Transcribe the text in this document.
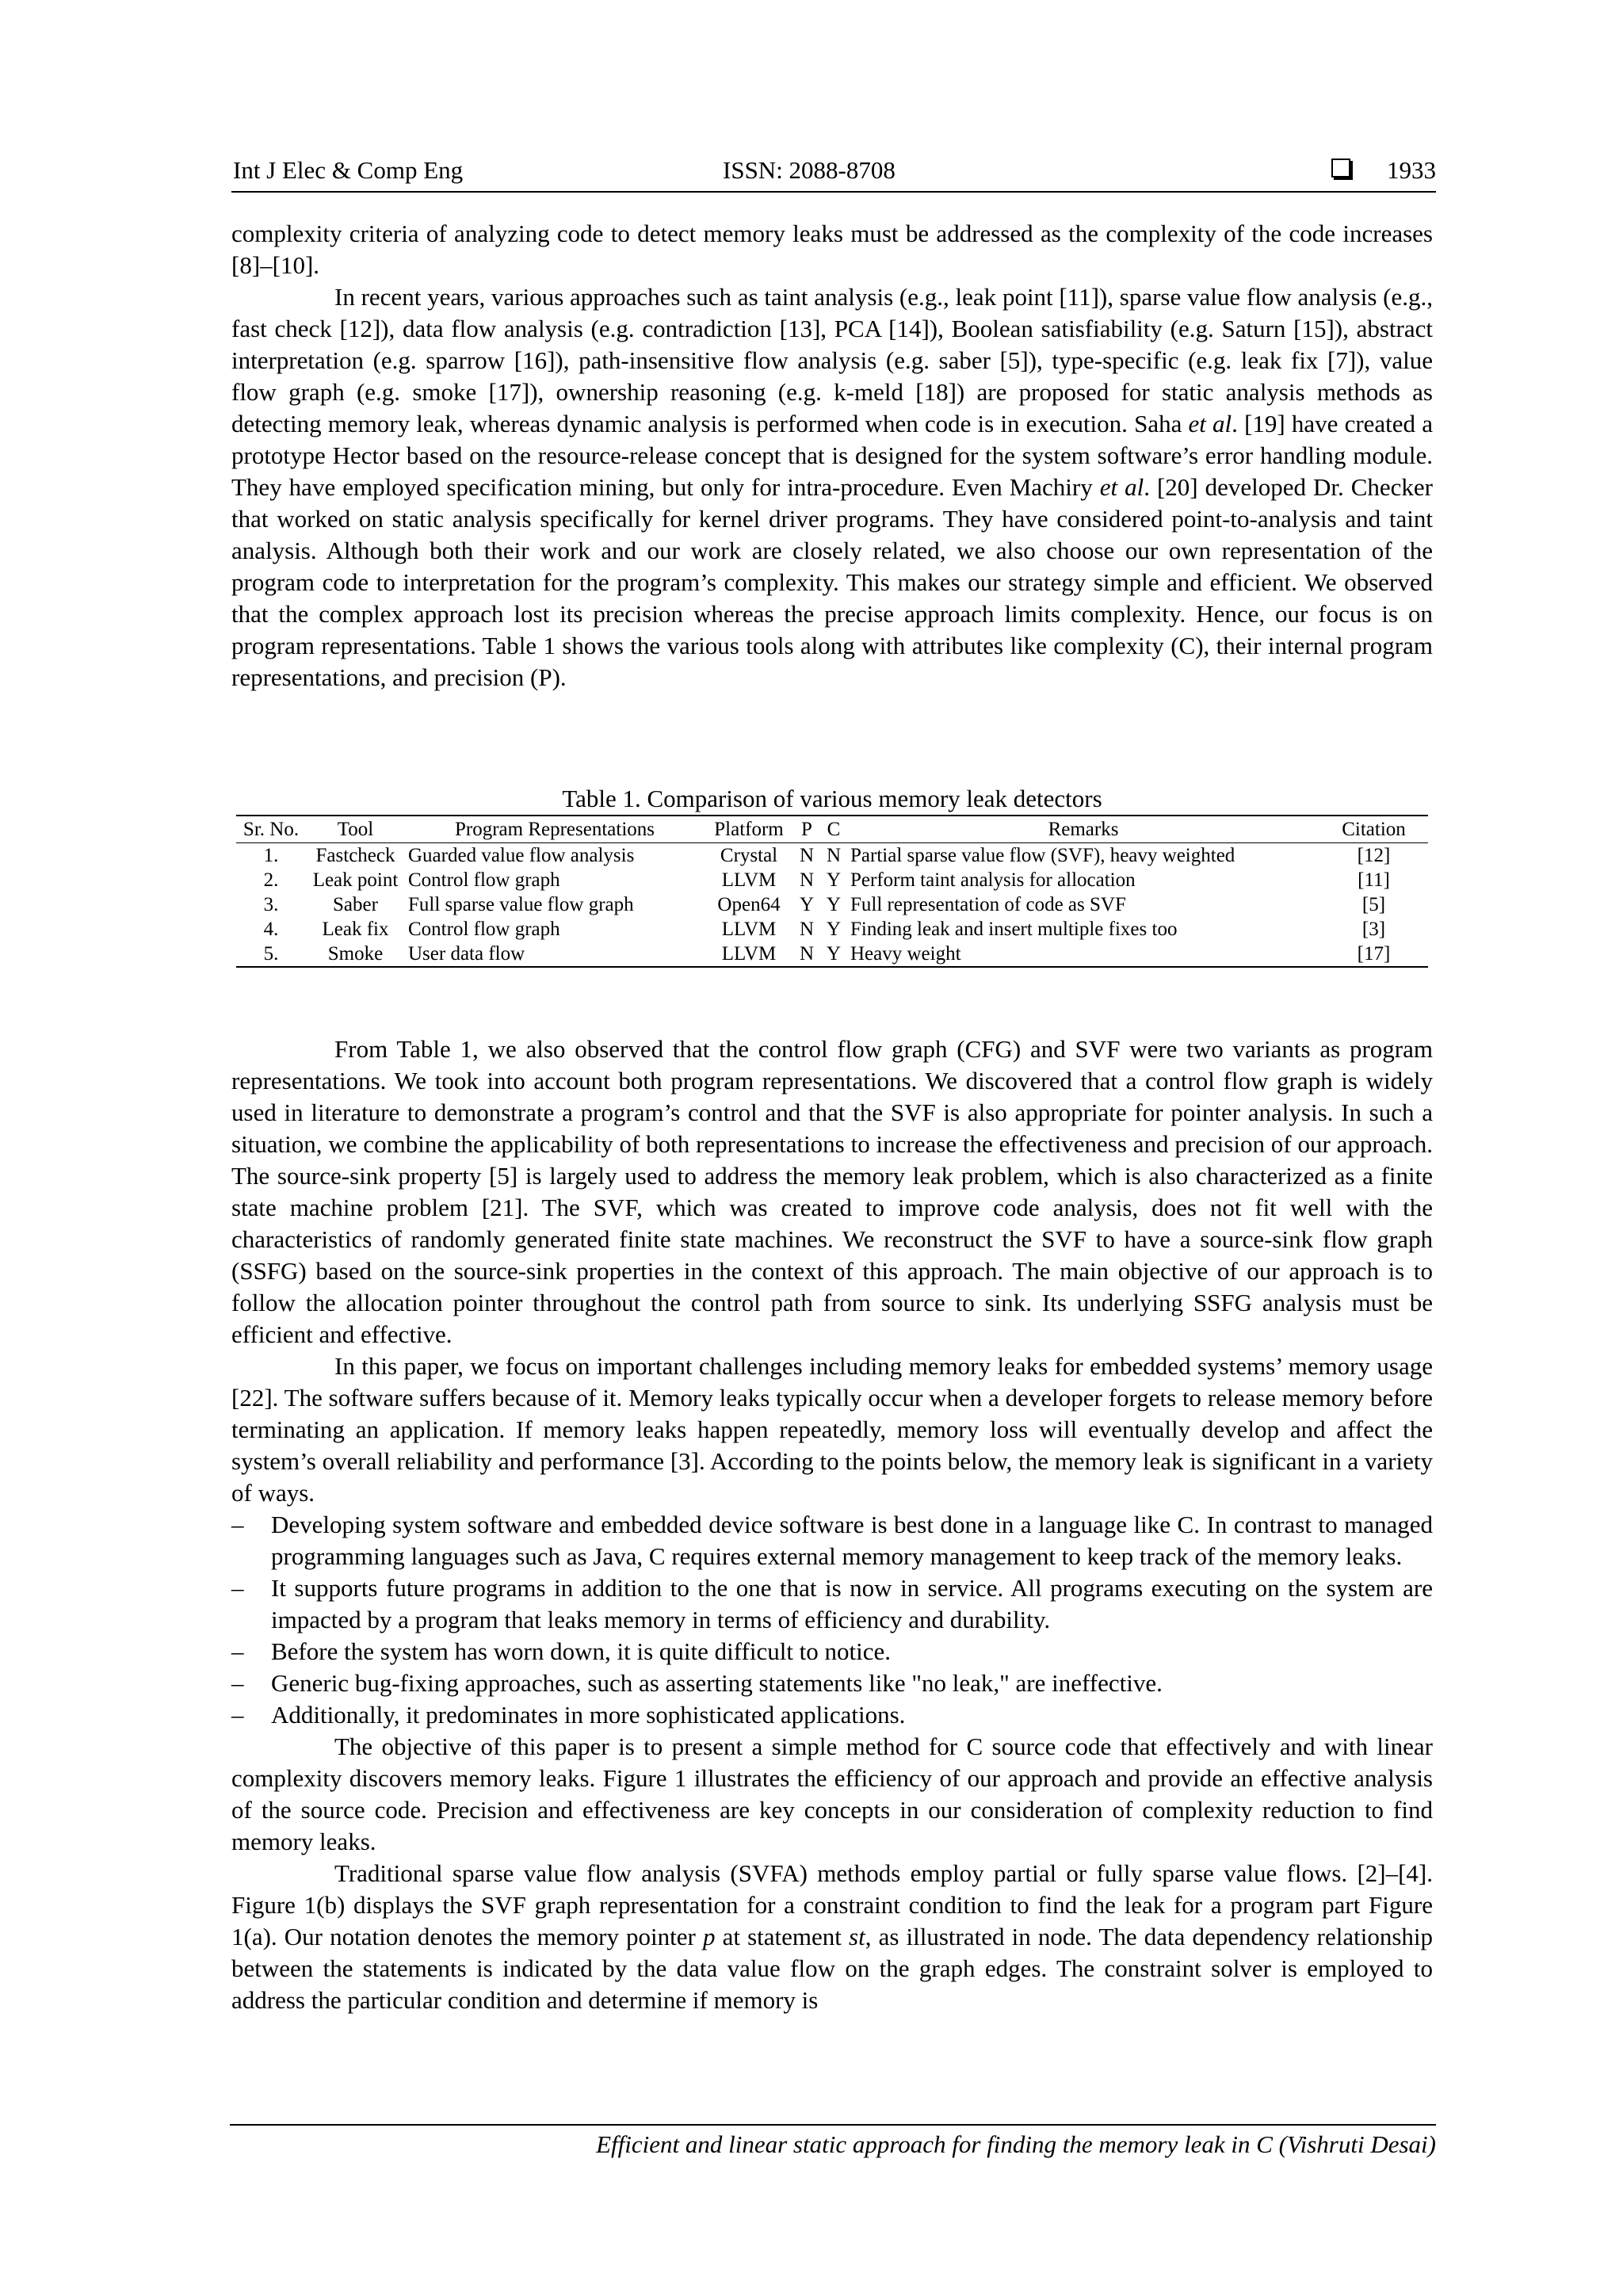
Int J Elec & Comp Eng	ISSN: 2088-8708	1933

complexity criteria of analyzing code to detect memory leaks must be addressed as the complexity of the code increases [8]–[10].

In recent years, various approaches such as taint analysis (e.g., leak point [11]), sparse value flow analysis (e.g., fast check [12]), data flow analysis (e.g. contradiction [13], PCA [14]), Boolean satisfiability (e.g. Saturn [15]), abstract interpretation (e.g. sparrow [16]), path-insensitive flow analysis (e.g. saber [5]), type-specific (e.g. leak fix [7]), value flow graph (e.g. smoke [17]), ownership reasoning (e.g. k-meld [18]) are proposed for static analysis methods as detecting memory leak, whereas dynamic analysis is performed when code is in execution. Saha et al. [19] have created a prototype Hector based on the resource-release concept that is designed for the system software’s error handling module. They have employed specification mining, but only for intra-procedure. Even Machiry et al. [20] developed Dr. Checker that worked on static analysis specifically for kernel driver programs. They have considered point-to-analysis and taint analysis. Although both their work and our work are closely related, we also choose our own representation of the program code to interpretation for the program’s complexity. This makes our strategy simple and efficient. We observed that the complex approach lost its precision whereas the precise approach limits complexity. Hence, our focus is on program representations. Table 1 shows the various tools along with attributes like complexity (C), their internal program representations, and precision (P).

Table 1. Comparison of various memory leak detectors
Sr. No.	Tool	Program Representations	Platform	P	C	Remarks	Citation
1.	Fastcheck	Guarded value flow analysis	Crystal	N	N	Partial sparse value flow (SVF), heavy weighted	[12]
2.	Leak point	Control flow graph	LLVM	N	Y	Perform taint analysis for allocation	[11]
3.	Saber	Full sparse value flow graph	Open64	Y	Y	Full representation of code as SVF	[5]
4.	Leak fix	Control flow graph	LLVM	N	Y	Finding leak and insert multiple fixes too	[3]
5.	Smoke	User data flow	LLVM	N	Y	Heavy weight	[17]

From Table 1, we also observed that the control flow graph (CFG) and SVF were two variants as program representations. We took into account both program representations. We discovered that a control flow graph is widely used in literature to demonstrate a program’s control and that the SVF is also appropriate for pointer analysis. In such a situation, we combine the applicability of both representations to increase the effectiveness and precision of our approach. The source-sink property [5] is largely used to address the memory leak problem, which is also characterized as a finite state machine problem [21]. The SVF, which was created to improve code analysis, does not fit well with the characteristics of randomly generated finite state machines. We reconstruct the SVF to have a source-sink flow graph (SSFG) based on the source-sink properties in the context of this approach. The main objective of our approach is to follow the allocation pointer throughout the control path from source to sink. Its underlying SSFG analysis must be efficient and effective.

In this paper, we focus on important challenges including memory leaks for embedded systems’ memory usage [22]. The software suffers because of it. Memory leaks typically occur when a developer forgets to release memory before terminating an application. If memory leaks happen repeatedly, memory loss will eventually develop and affect the system’s overall reliability and performance [3]. According to the points below, the memory leak is significant in a variety of ways.

– Developing system software and embedded device software is best done in a language like C. In contrast to managed programming languages such as Java, C requires external memory management to keep track of the memory leaks.
– It supports future programs in addition to the one that is now in service. All programs executing on the system are impacted by a program that leaks memory in terms of efficiency and durability.
– Before the system has worn down, it is quite difficult to notice.
– Generic bug-fixing approaches, such as asserting statements like "no leak," are ineffective.
– Additionally, it predominates in more sophisticated applications.

The objective of this paper is to present a simple method for C source code that effectively and with linear complexity discovers memory leaks. Figure 1 illustrates the efficiency of our approach and provide an effective analysis of the source code. Precision and effectiveness are key concepts in our consideration of complexity reduction to find memory leaks.

Traditional sparse value flow analysis (SVFA) methods employ partial or fully sparse value flows. [2]–[4]. Figure 1(b) displays the SVF graph representation for a constraint condition to find the leak for a program part Figure 1(a). Our notation denotes the memory pointer p at statement st, as illustrated in node. The data dependency relationship between the statements is indicated by the data value flow on the graph edges. The constraint solver is employed to address the particular condition and determine if memory is

Efficient and linear static approach for finding the memory leak in C (Vishruti Desai)
